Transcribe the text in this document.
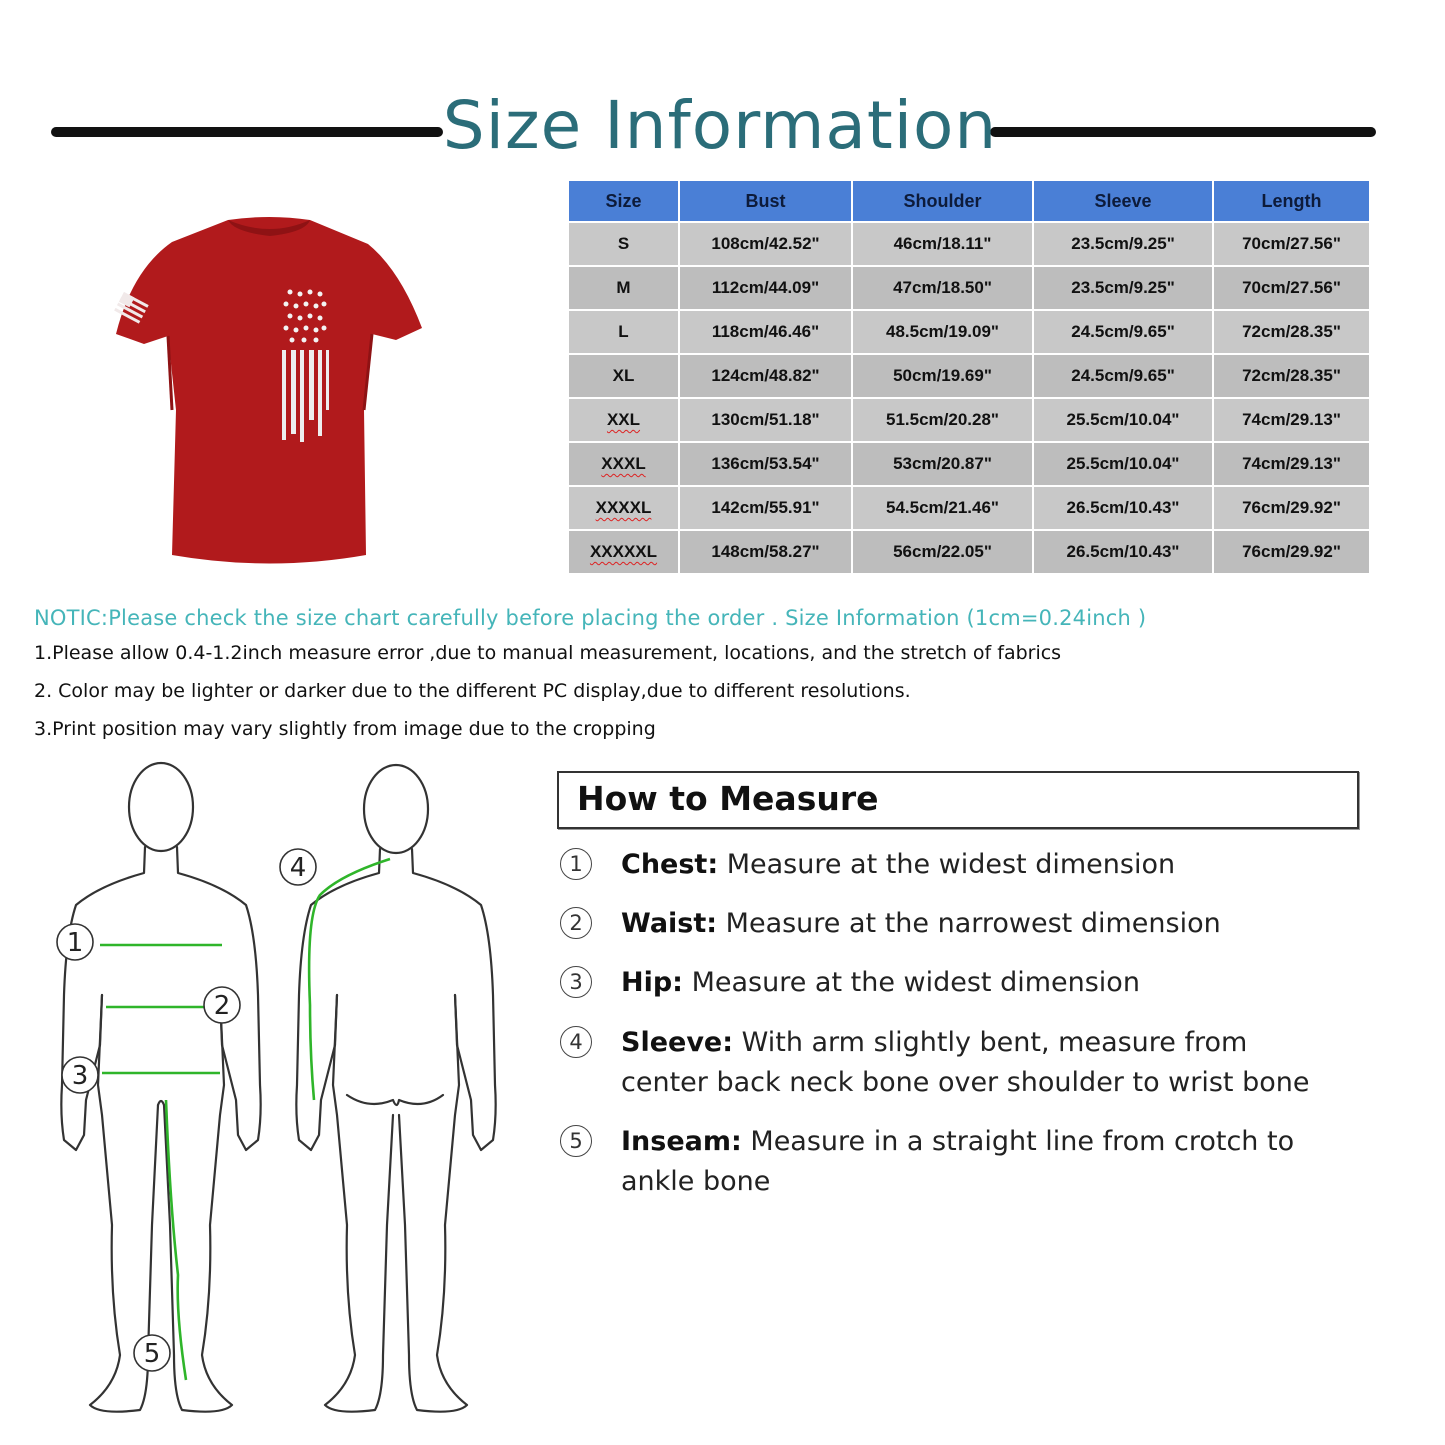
Size Information
Size	Bust	Shoulder	Sleeve	Length
S	108cm/42.52"	46cm/18.11"	23.5cm/9.25"	70cm/27.56"
M	112cm/44.09"	47cm/18.50"	23.5cm/9.25"	70cm/27.56"
L	118cm/46.46"	48.5cm/19.09"	24.5cm/9.65"	72cm/28.35"
XL	124cm/48.82"	50cm/19.69"	24.5cm/9.65"	72cm/28.35"
XXL	130cm/51.18"	51.5cm/20.28"	25.5cm/10.04"	74cm/29.13"
XXXL	136cm/53.54"	53cm/20.87"	25.5cm/10.04"	74cm/29.13"
XXXXL	142cm/55.91"	54.5cm/21.46"	26.5cm/10.43"	76cm/29.92"
XXXXXL	148cm/58.27"	56cm/22.05"	26.5cm/10.43"	76cm/29.92"
NOTIC:Please check the size chart carefully before placing the order . Size Information (1cm=0.24inch )
1.Please allow 0.4-1.2inch measure error ,due to manual measurement, locations, and the stretch of fabrics
2. Color may be lighter or darker due to the different PC display,due to different resolutions.
3.Print position may vary slightly from image due to the cropping
1
2
3
4
5
How to Measure
1	Chest: Measure at the widest dimension
2	Waist: Measure at the narrowest dimension
3	Hip: Measure at the widest dimension
4	Sleeve: With arm slightly bent, measure from
center back neck bone over shoulder to wrist bone
5	Inseam: Measure in a straight line from crotch to
ankle bone
